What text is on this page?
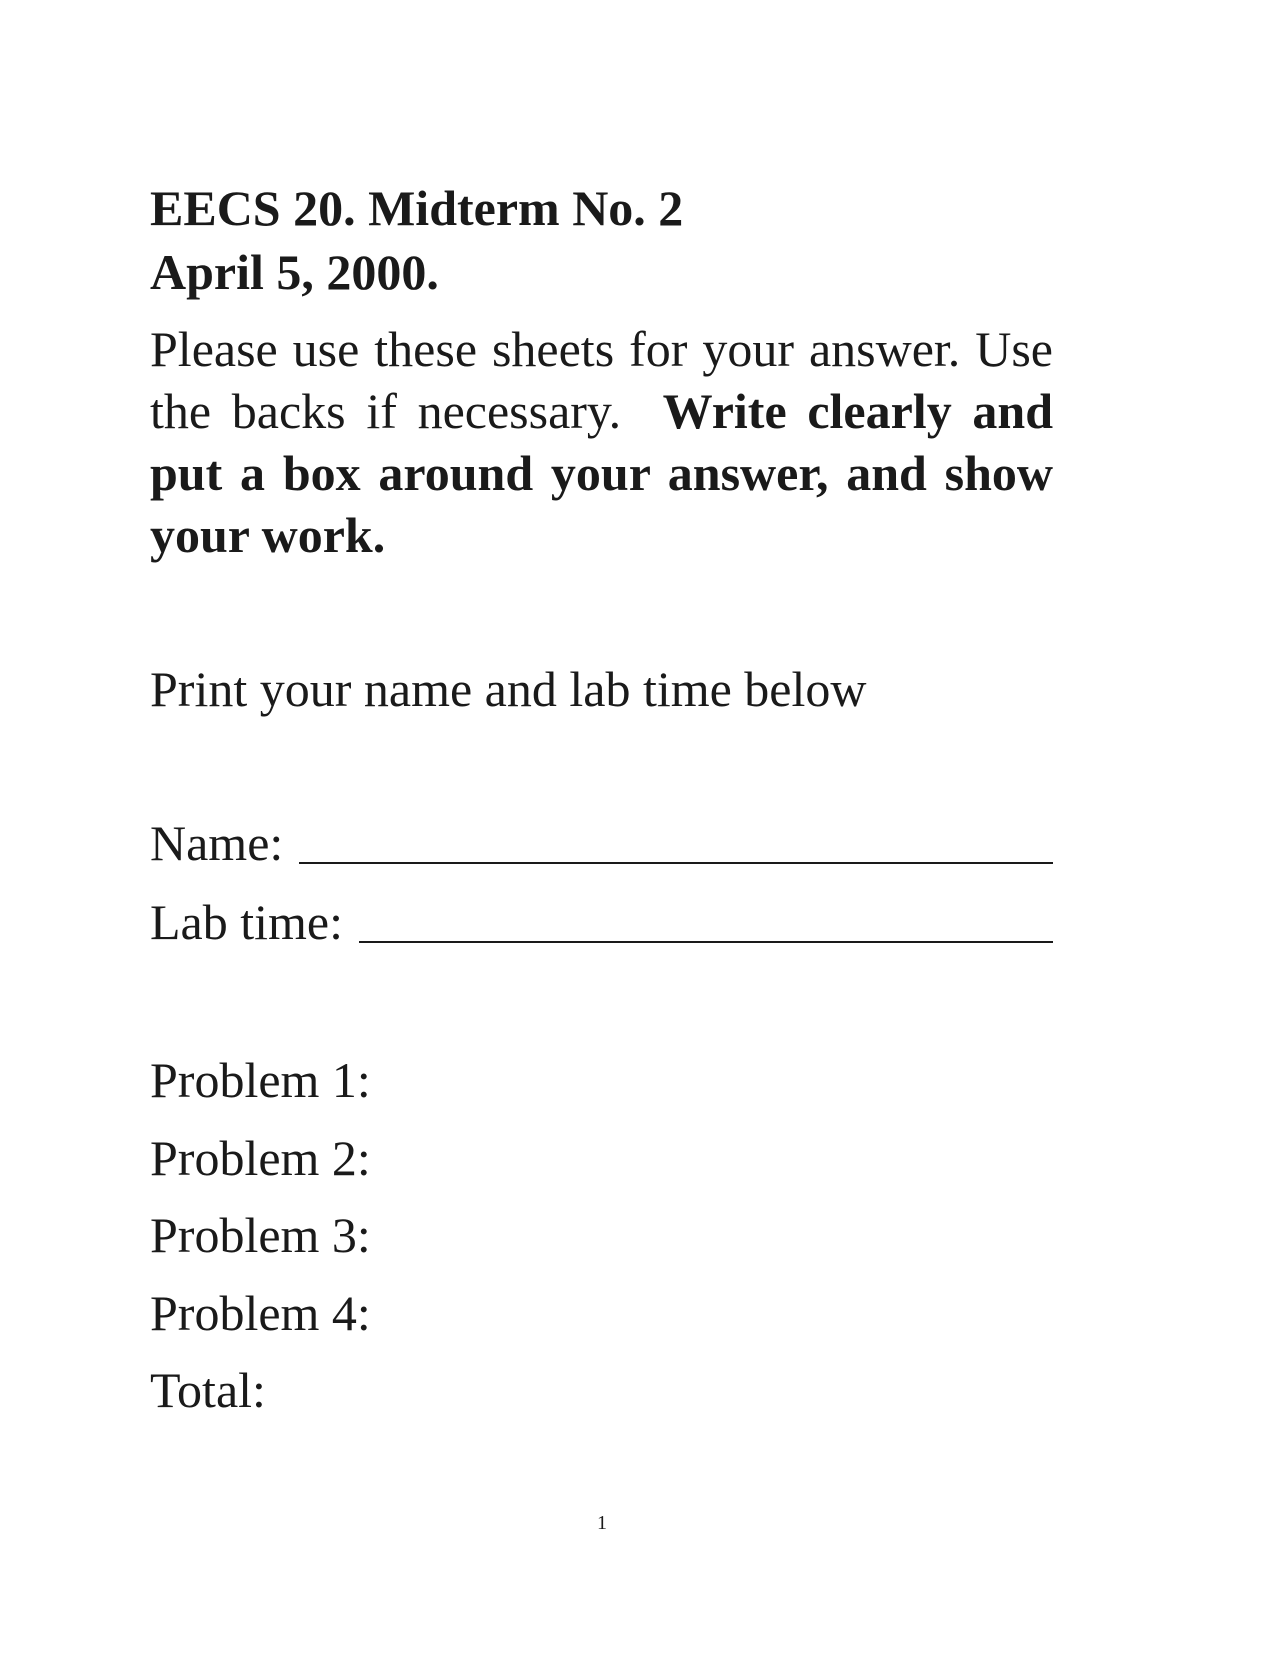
EECS 20. Midterm No. 2
April 5, 2000.
Please use these sheets for your answer. Use the backs if necessary. Write clearly and put a box around your answer, and show your work.
Print your name and lab time below
Name:
Lab time:
Problem 1:
Problem 2:
Problem 3:
Problem 4:
Total:
1
